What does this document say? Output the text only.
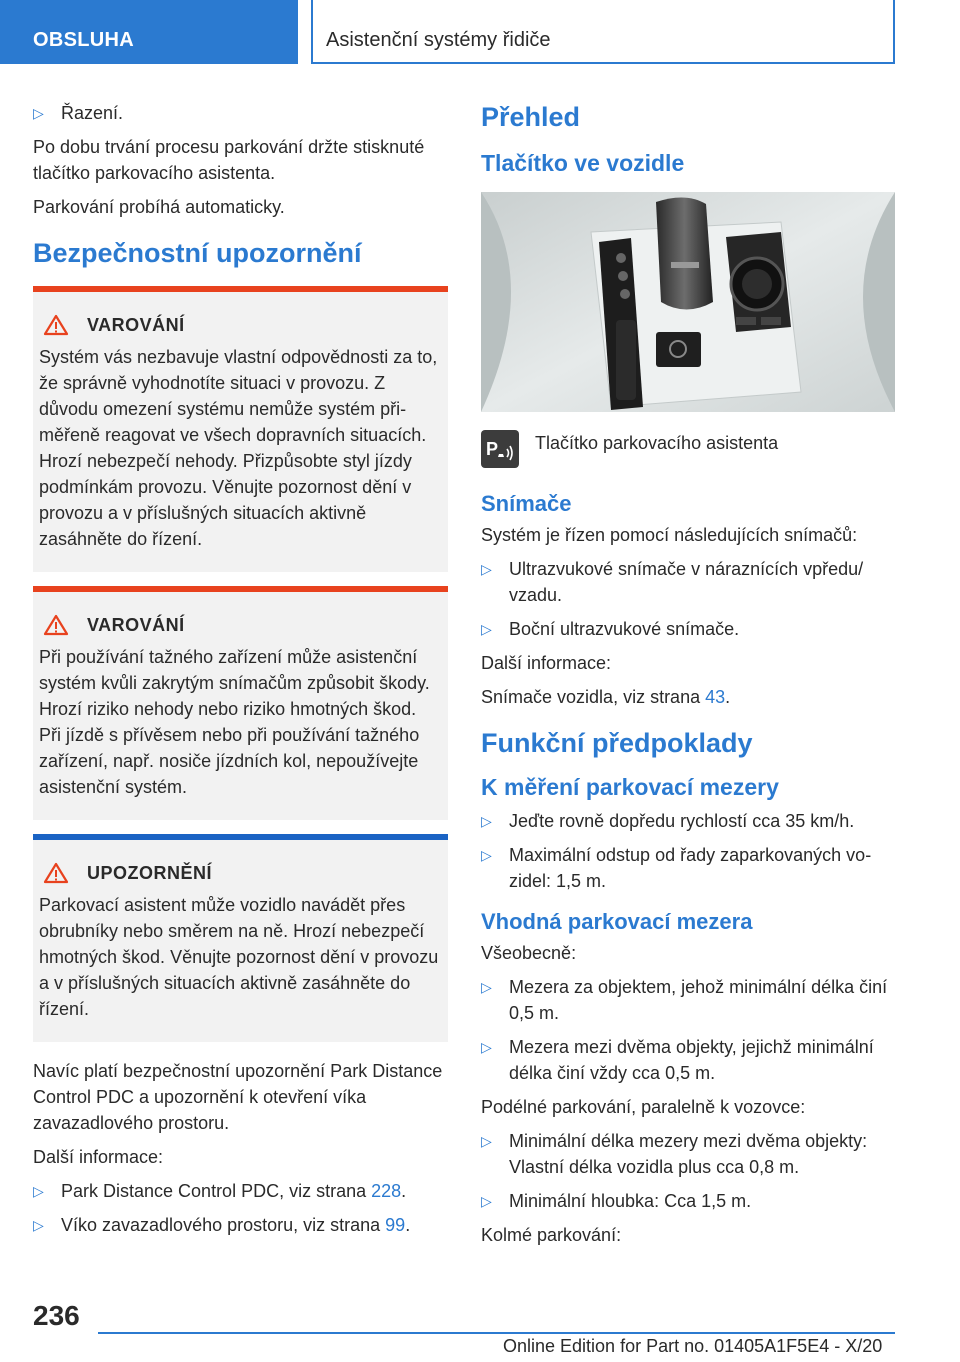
OBSLUHA	Asistenční systémy řidiče
▷ Řazení.

Po dobu trvání procesu parkování držte stisknuté tlačítko parkovacího asistenta.

Parkování probíhá automaticky.

Bezpečnostní upozornění
VAROVÁNÍ

Systém vás nezbavuje vlastní odpovědnosti za to, že správně vyhodnotíte situaci v provozu. Z důvodu omezení systému nemůže systém přiměřeně reagovat ve všech dopravních situacích. Hrozí nebezpečí nehody. Přizpůsobte styl jízdy podmínkám provozu. Věnujte pozornost dění v provozu a v příslušných situacích aktivně zasáhněte do řízení.

VAROVÁNÍ

Při používání tažného zařízení může asistenční systém kvůli zakrytým snímačům způsobit škody. Hrozí riziko nehody nebo riziko hmotných škod. Při jízdě s přívěsem nebo při používání tažného zařízení, např. nosiče jízdních kol, nepoužívejte asistenční systém.

UPOZORNĚNÍ

Parkovací asistent může vozidlo navádět přes obrubníky nebo směrem na ně. Hrozí nebezpečí hmotných škod. Věnujte pozornost dění v provozu a v příslušných situacích aktivně zasáhněte do řízení.

Navíc platí bezpečnostní upozornění Park Distance Control PDC a upozornění k otevření víka zavazadlového prostoru.

Další informace:

▷ Park Distance Control PDC, viz strana 228.
▷ Víko zavazadlového prostoru, viz strana 99.
Přehled
Tlačítko ve vozidle
P Tlačítko parkovacího asistenta
Snímače

Systém je řízen pomocí následujících snímačů:

▷ Ultrazvukové snímače v náraznících vpředu/ vzadu.
▷ Boční ultrazvukové snímače.

Další informace:

Snímače vozidla, viz strana 43.

Funkční předpoklady
K měření parkovací mezery
▷ Jeďte rovně dopředu rychlostí cca 35 km/h.
▷ Maximální odstup od řady zaparkovaných vozidel: 1,5 m.
Vhodná parkovací mezera

Všeobecně:

▷ Mezera za objektem, jehož minimální délka činí 0,5 m.
▷ Mezera mezi dvěma objekty, jejichž minimální délka činí vždy cca 0,5 m.

Podélné parkování, paralelně k vozovce:

▷ Minimální délka mezery mezi dvěma objekty: Vlastní délka vozidla plus cca 0,8 m.
▷ Minimální hloubka: Cca 1,5 m.

Kolmé parkování:

236
Online Edition for Part no. 01405A1F5E4 - X/20
